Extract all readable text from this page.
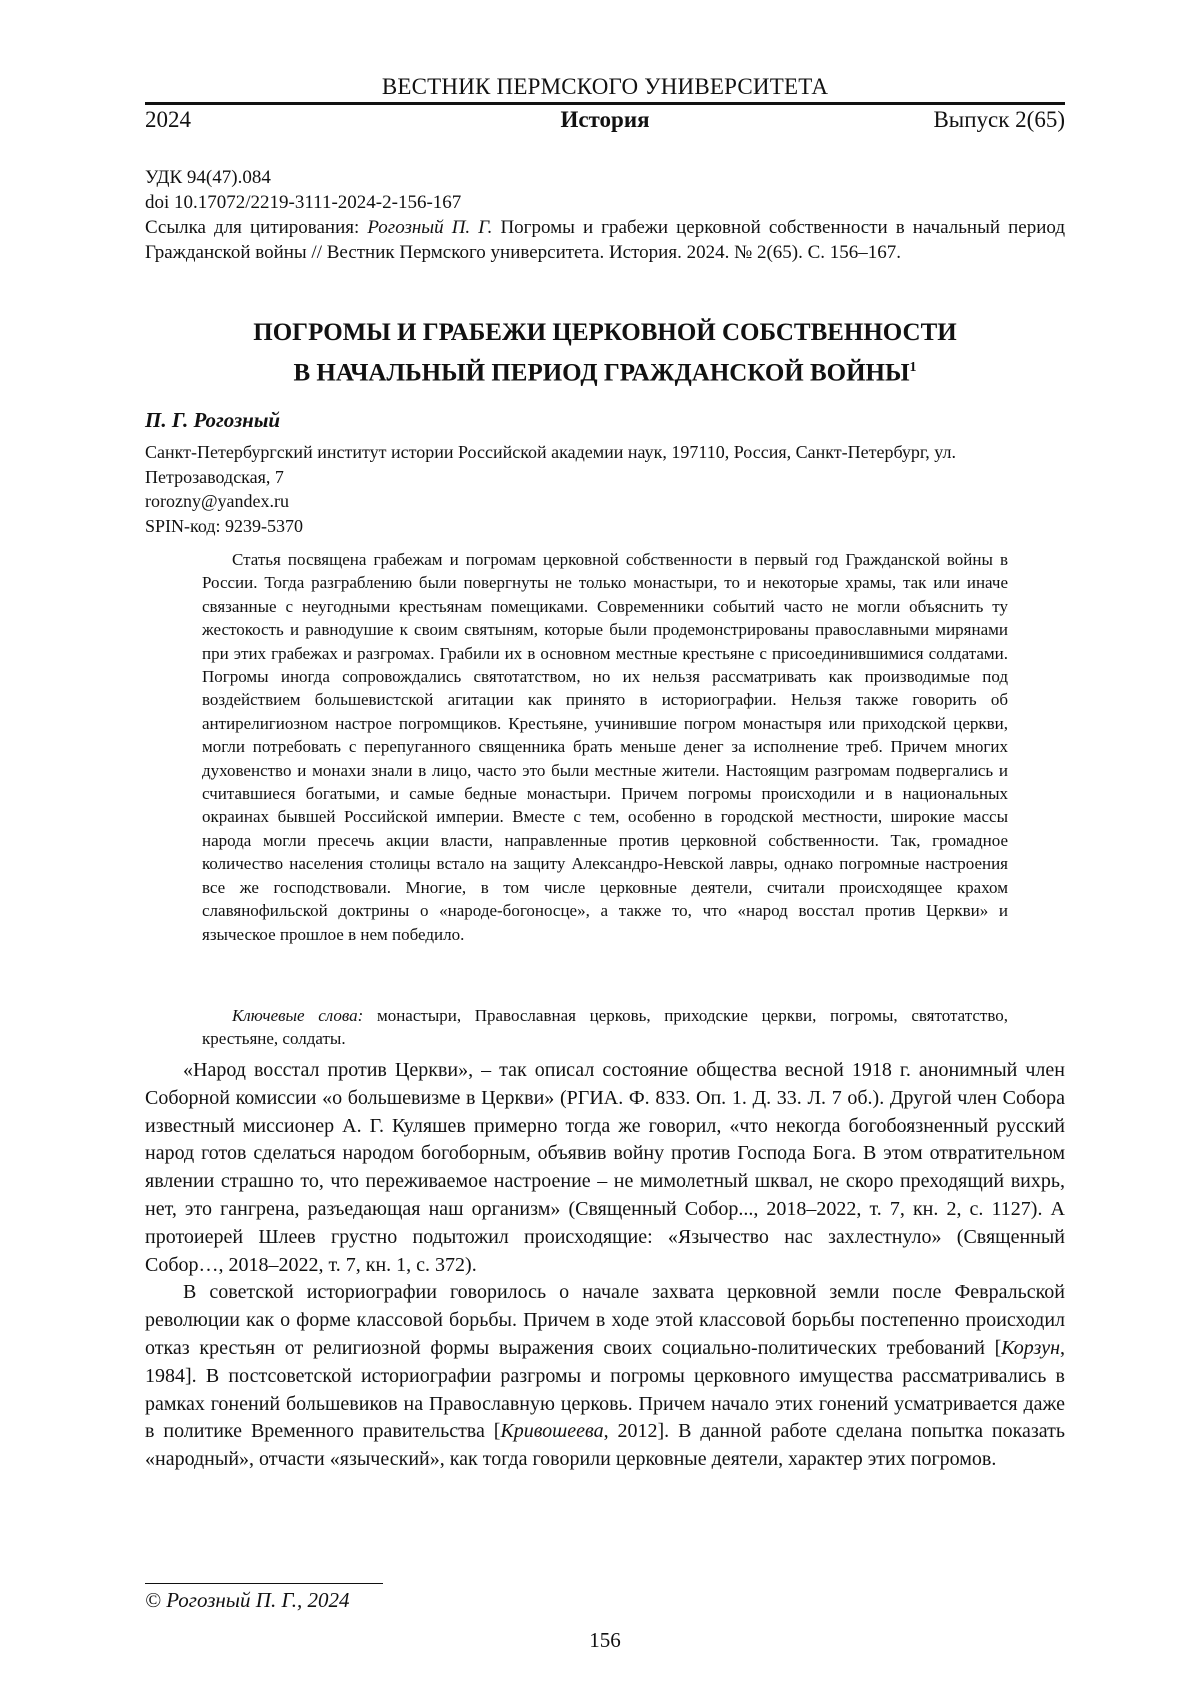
ВЕСТНИК ПЕРМСКОГО УНИВЕРСИТЕТА
2024	История	Выпуск 2(65)

УДК 94(47).084

doi 10.17072/2219-3111-2024-2-156-167

Ссылка для цитирования: Рогозный П. Г. Погромы и грабежи церковной собственности в начальный период Гражданской войны // Вестник Пермского университета. История. 2024. № 2(65). С. 156–167.

ПОГРОМЫ И ГРАБЕЖИ ЦЕРКОВНОЙ СОБСТВЕННОСТИ
В НАЧАЛЬНЫЙ ПЕРИОД ГРАЖДАНСКОЙ ВОЙНЫ$^1$
П. Г. Рогозный

Санкт-Петербургский институт истории Российской академии наук, 197110, Россия, Санкт-Петербург, ул. Петрозаводская, 7

rorozny@yandex.ru

SPIN-код: 9239-5370

Статья посвящена грабежам и погромам церковной собственности в первый год Гражданской войны в России. Тогда разграблению были повергнуты не только монастыри, то и некоторые храмы, так или иначе связанные с неугодными крестьянам помещиками. Современники событий часто не могли объяснить ту жестокость и равнодушие к своим святыням, которые были продемонстрированы православными мирянами при этих грабежах и разгромах. Грабили их в основном местные крестьяне с присоединившимися солдатами. Погромы иногда сопровождались святотатством, но их нельзя рассматривать как производимые под воздействием большевистской агитации как принято в историографии. Нельзя также говорить об антирелигиозном настрое погромщиков. Крестьяне, учинившие погром монастыря или приходской церкви, могли потребовать с перепуганного священника брать меньше денег за исполнение треб. Причем многих духовенство и монахи знали в лицо, часто это были местные жители. Настоящим разгромам подвергались и считавшиеся богатыми, и самые бедные монастыри. Причем погромы происходили и в национальных окраинах бывшей Российской империи. Вместе с тем, особенно в городской местности, широкие массы народа могли пресечь акции власти, направленные против церковной собственности. Так, громадное количество населения столицы встало на защиту Александро-Невской лавры, однако погромные настроения все же господствовали. Многие, в том числе церковные деятели, считали происходящее крахом славянофильской доктрины о «народе-богоносце», а также то, что «народ восстал против Церкви» и языческое прошлое в нем победило.

Ключевые слова: монастыри, Православная церковь, приходские церкви, погромы, святотатство, крестьяне, солдаты.

«Народ восстал против Церкви», – так описал состояние общества весной 1918 г. анонимный член Соборной комиссии «о большевизме в Церкви» (РГИА. Ф. 833. Оп. 1. Д. 33. Л. 7 об.). Другой член Собора известный миссионер А. Г. Куляшев примерно тогда же говорил, «что некогда богобоязненный русский народ готов сделаться народом богоборным, объявив войну против Господа Бога. В этом отвратительном явлении страшно то, что переживаемое настроение – не мимолетный шквал, не скоро преходящий вихрь, нет, это гангрена, разъедающая наш организм» (Священный Собор..., 2018–2022, т. 7, кн. 2, с. 1127). А протоиерей Шлеев грустно подытожил происходящие: «Язычество нас захлестнуло» (Священный Собор…, 2018–2022, т. 7, кн. 1, с. 372).

В советской историографии говорилось о начале захвата церковной земли после Февральской революции как о форме классовой борьбы. Причем в ходе этой классовой борьбы постепенно происходил отказ крестьян от религиозной формы выражения своих социально-политических требований [Корзун, 1984]. В постсоветской историографии разгромы и погромы церковного имущества рассматривались в рамках гонений большевиков на Православную церковь. Причем начало этих гонений усматривается даже в политике Временного правительства [Кривошеева, 2012]. В данной работе сделана попытка показать «народный», отчасти «языческий», как тогда говорили церковные деятели, характер этих погромов.

© Рогозный П. Г., 2024
156
